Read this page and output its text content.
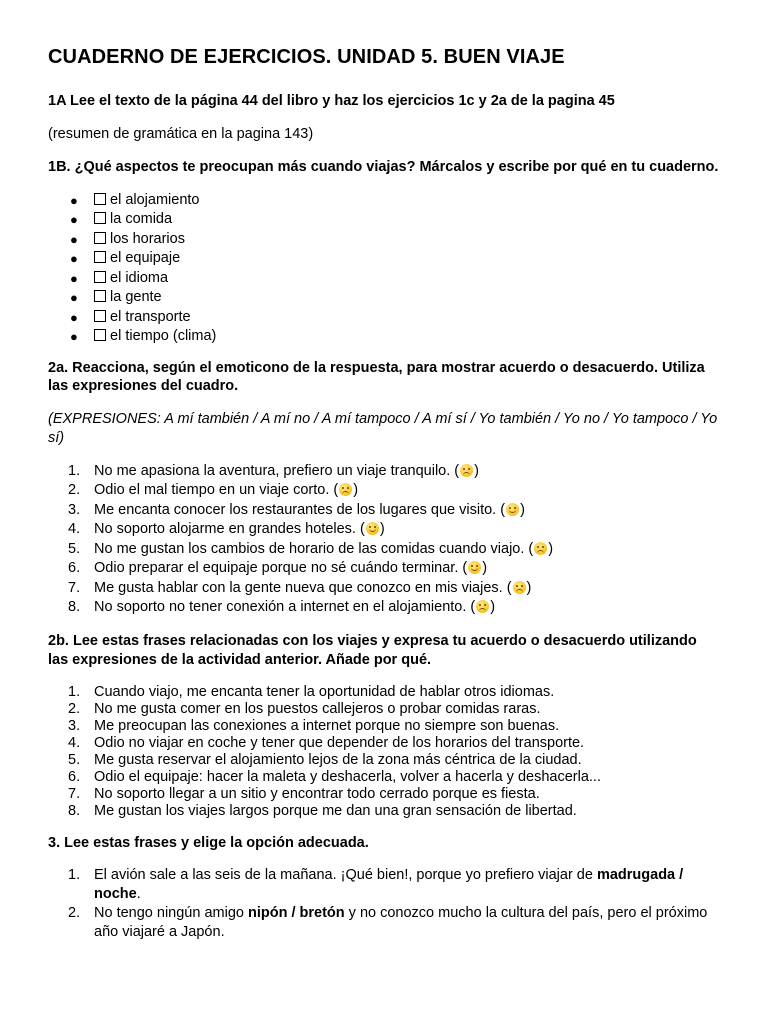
CUADERNO DE EJERCICIOS. UNIDAD 5. BUEN VIAJE

1A Lee el texto de la página 44 del libro y haz los ejercicios 1c y 2a de la pagina 45

(resumen de gramática en la pagina 143)

1B. ¿Qué aspectos te preocupan más cuando viajas? Márcalos y escribe por qué en tu cuaderno.

● el alojamiento
● la comida
● los horarios
● el equipaje
● el idioma
● la gente
● el transporte
● el tiempo (clima)

2a. Reacciona, según el emoticono de la respuesta, para mostrar acuerdo o desacuerdo. Utiliza las expresiones del cuadro.

(EXPRESIONES: A mí también / A mí no / A mí tampoco / A mí sí / Yo también / Yo no / Yo tampoco / Yo sí)

1. No me apasiona la aventura, prefiero un viaje tranquilo. ( )
2. Odio el mal tiempo en un viaje corto. ( )
3. Me encanta conocer los restaurantes de los lugares que visito. ( )
4. No soporto alojarme en grandes hoteles. ( )
5. No me gustan los cambios de horario de las comidas cuando viajo. ( )
6. Odio preparar el equipaje porque no sé cuándo terminar. ( )
7. Me gusta hablar con la gente nueva que conozco en mis viajes. ( )
8. No soporto no tener conexión a internet en el alojamiento. ( )

2b. Lee estas frases relacionadas con los viajes y expresa tu acuerdo o desacuerdo utilizando las expresiones de la actividad anterior. Añade por qué.

1. Cuando viajo, me encanta tener la oportunidad de hablar otros idiomas.
2. No me gusta comer en los puestos callejeros o probar comidas raras.
3. Me preocupan las conexiones a internet porque no siempre son buenas.
4. Odio no viajar en coche y tener que depender de los horarios del transporte.
5. Me gusta reservar el alojamiento lejos de la zona más céntrica de la ciudad.
6. Odio el equipaje: hacer la maleta y deshacerla, volver a hacerla y deshacerla...
7. No soporto llegar a un sitio y encontrar todo cerrado porque es fiesta.
8. Me gustan los viajes largos porque me dan una gran sensación de libertad.

3. Lee estas frases y elige la opción adecuada.

1. El avión sale a las seis de la mañana. ¡Qué bien!, porque yo prefiero viajar de madrugada / noche.
2. No tengo ningún amigo nipón / bretón y no conozco mucho la cultura del país, pero el próximo año viajaré a Japón.
